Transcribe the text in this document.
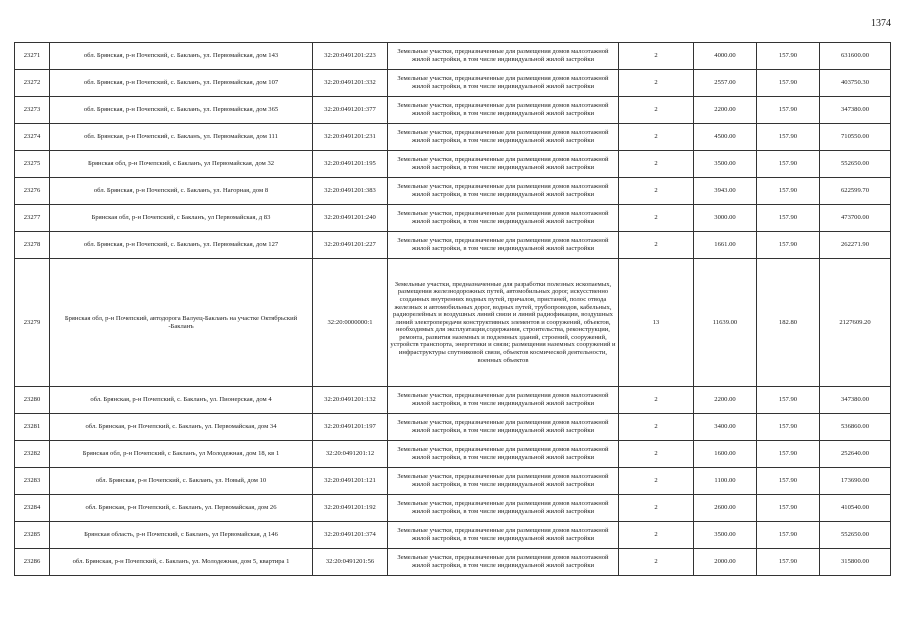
1374
23271	обл. Брянская, р-н Почепский, с. Бакланъ, ул. Первомайская, дом 143	32:20:0491201:223	Земельные участки, предназначенные для размещения домов малоэтажной жилой застройки, в том числе индивидуальной жилой застройки	2	4000.00	157.90	631600.00
23272	обл. Брянская, р-н Почепский, с. Бакланъ, ул. Первомайская, дом 107	32:20:0491201:332	Земельные участки, предназначенные для размещения домов малоэтажной жилой застройки, в том числе индивидуальной жилой застройки	2	2557.00	157.90	403750.30
23273	обл. Брянская, р-н Почепский, с. Бакланъ, ул. Первомайская, дом 365	32:20:0491201:377	Земельные участки, предназначенные для размещения домов малоэтажной жилой застройки, в том числе индивидуальной жилой застройки	2	2200.00	157.90	347380.00
23274	обл. Брянская, р-н Почепский, с. Бакланъ, ул. Первомайская, дом 111	32:20:0491201:231	Земельные участки, предназначенные для размещения домов малоэтажной жилой застройки, в том числе индивидуальной жилой застройки	2	4500.00	157.90	710550.00
23275	Брянская обл, р-н Почепский, с Бакланъ, ул Первомайская, дом 32	32:20:0491201:195	Земельные участки, предназначенные для размещения домов малоэтажной жилой застройки, в том числе индивидуальной жилой застройки	2	3500.00	157.90	552650.00
23276	обл. Брянская, р-н Почепский, с. Бакланъ, ул. Нагорная, дом 8	32:20:0491201:383	Земельные участки, предназначенные для размещения домов малоэтажной жилой застройки, в том числе индивидуальной жилой застройки	2	3943.00	157.90	622599.70
23277	Брянская обл, р-н Почепский, с Бакланъ, ул Первомайская, д 83	32:20:0491201:240	Земельные участки, предназначенные для размещения домов малоэтажной жилой застройки, в том числе индивидуальной жилой застройки	2	3000.00	157.90	473700.00
23278	обл. Брянская, р-н Почепский, с. Бакланъ, ул. Первомайская, дом 127	32:20:0491201:227	Земельные участки, предназначенные для размещения домов малоэтажной жилой застройки, в том числе индивидуальной жилой застройки	2	1661.00	157.90	262271.90
23279	Брянская обл, р-н Почепский, автодорога Валуец-Бакланъ на участке Октябрьский -Бакланъ	32:20:0000000:1	Земельные участки, предназначенные для разработки полезных ископаемых, размещения железнодорожных путей, автомобильных дорог, искусственно созданных внутренних водных путей, причалов, пристаней, полос отвода железных и автомобильных дорог, водных путей, трубопроводов, кабельных, радиорелейных и воздушных линий связи и линий радиофикации, воздушных линий электропередачи конструктивных элементов и сооружений, объектов, необходимых для эксплуатации,содержания, строительства, реконструкции, ремонта, развития наземных и подземных зданий, строений, сооружений, устройств транспорта, энергетики и связи; размещения наземных сооружений и инфраструктуры спутниковой связи, объектов космической деятельности, военных объектов	13	11639.00	182.80	2127609.20
23280	обл. Брянская, р-н Почепский, с. Бакланъ, ул. Пионерская, дом 4	32:20:0491201:132	Земельные участки, предназначенные для размещения домов малоэтажной жилой застройки, в том числе индивидуальной жилой застройки	2	2200.00	157.90	347380.00
23281	обл. Брянская, р-н Почепский, с. Бакланъ, ул. Первомайская, дом 34	32:20:0491201:197	Земельные участки, предназначенные для размещения домов малоэтажной жилой застройки, в том числе индивидуальной жилой застройки	2	3400.00	157.90	536860.00
23282	Брянская обл, р-н Почепский, с Бакланъ, ул Молодежная, дом 18, кв 1	32:20:0491201:12	Земельные участки, предназначенные для размещения домов малоэтажной жилой застройки, в том числе индивидуальной жилой застройки	2	1600.00	157.90	252640.00
23283	обл. Брянская, р-н Почепский, с. Бакланъ, ул. Новый, дом 10	32:20:0491201:121	Земельные участки, предназначенные для размещения домов малоэтажной жилой застройки, в том числе индивидуальной жилой застройки	2	1100.00	157.90	173690.00
23284	обл. Брянская, р-н Почепский, с. Бакланъ, ул. Первомайская, дом 26	32:20:0491201:192	Земельные участки, предназначенные для размещения домов малоэтажной жилой застройки, в том числе индивидуальной жилой застройки	2	2600.00	157.90	410540.00
23285	Брянская область, р-н Почепский, с Бакланъ, ул Первомайская, д 146	32:20:0491201:374	Земельные участки, предназначенные для размещения домов малоэтажной жилой застройки, в том числе индивидуальной жилой застройки	2	3500.00	157.90	552650.00
23286	обл. Брянская, р-н Почепский, с. Бакланъ, ул. Молодежная, дом 5, квартира 1	32:20:0491201:56	Земельные участки, предназначенные для размещения домов малоэтажной жилой застройки, в том числе индивидуальной жилой застройки	2	2000.00	157.90	315800.00
